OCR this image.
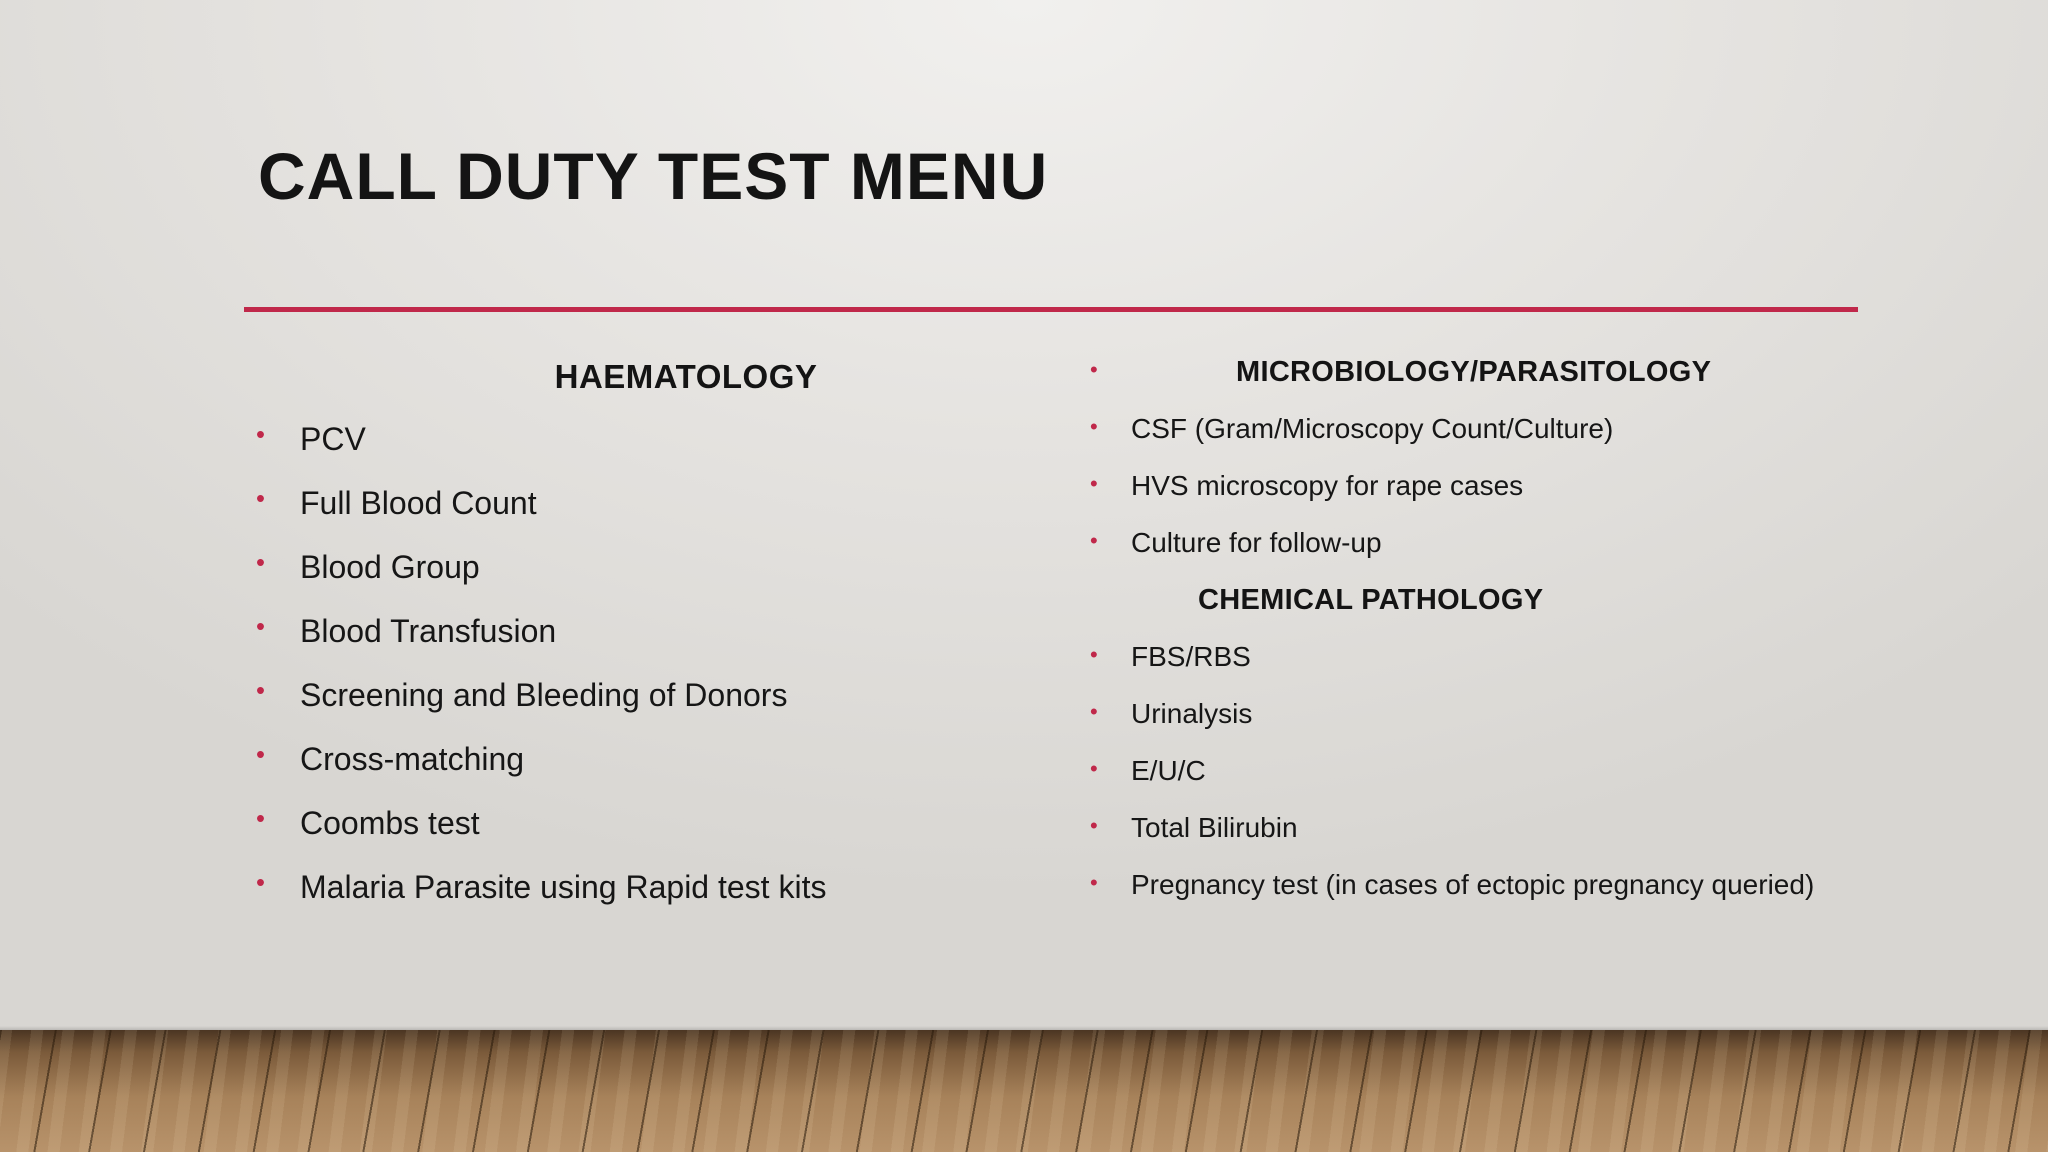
CALL DUTY TEST MENU
HAEMATOLOGY
• PCV
• Full Blood Count
• Blood Group
• Blood Transfusion
• Screening and Bleeding of Donors
• Cross-matching
• Coombs test
• Malaria Parasite using Rapid test kits
•	MICROBIOLOGY/PARASITOLOGY
• CSF (Gram/Microscopy Count/Culture)
• HVS microscopy for rape cases
• Culture for follow-up
CHEMICAL PATHOLOGY
• FBS/RBS
• Urinalysis
• E/U/C
• Total Bilirubin
• Pregnancy test (in cases of ectopic pregnancy queried)
